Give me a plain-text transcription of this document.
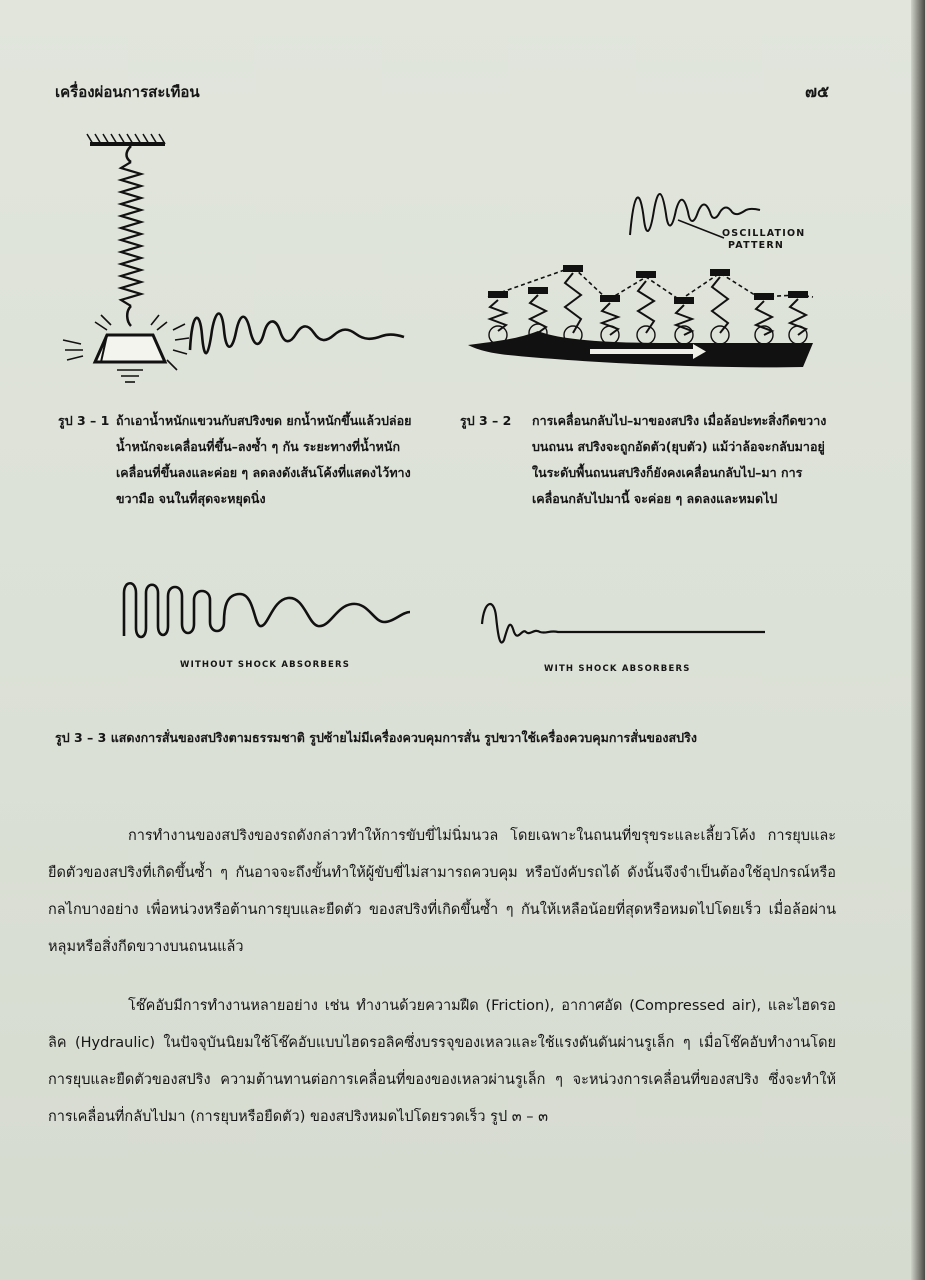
เครื่องผ่อนการสะเทือน	๗๕
รูป 3 – 1 ถ้าเอาน้ำหนักแขวนกับสปริงขด ยกน้ำหนักขึ้นแล้วปล่อย น้ำหนักจะเคลื่อนที่ขึ้น–ลงซ้ำ ๆ กัน ระยะทางที่น้ำหนักเคลื่อนที่ขึ้นลงและค่อย ๆ ลดลงดังเส้นโค้งที่แสดงไว้ทางขวามือ จนในที่สุดจะหยุดนิ่ง
OSCILLATION
PATTERN
รูป 3 – 2 การเคลื่อนกลับไป–มาของสปริง เมื่อล้อปะทะสิ่งกีดขวางบนถนน สปริงจะถูกอัดตัว(ยุบตัว) แม้ว่าล้อจะกลับมาอยู่ในระดับพื้นถนนสปริงก็ยังคงเคลื่อนกลับไป–มา การเคลื่อนกลับไปมานี้ จะค่อย ๆ ลดลงและหมดไป
WITHOUT SHOCK ABSORBERS	WITH SHOCK ABSORBERS
รูป 3 – 3 แสดงการสั่นของสปริงตามธรรมชาติ รูปซ้ายไม่มีเครื่องควบคุมการสั่น รูปขวาใช้เครื่องควบคุมการสั่นของสปริง
การทำงานของสปริงของรถดังกล่าวทำให้การขับขี่ไม่นิ่มนวล โดยเฉพาะในถนนที่ขรุขระและเลี้ยวโค้ง การยุบและยืดตัวของสปริงที่เกิดขึ้นซ้ำ ๆ กันอาจจะถึงขั้นทำให้ผู้ขับขี่ไม่สามารถควบคุม หรือบังคับรถได้ ดังนั้นจึงจำเป็นต้องใช้อุปกรณ์หรือกลไกบางอย่าง เพื่อหน่วงหรือต้านการยุบและยืดตัว ของสปริงที่เกิดขึ้นซ้ำ ๆ กันให้เหลือน้อยที่สุดหรือหมดไปโดยเร็ว เมื่อล้อผ่านหลุมหรือสิ่งกีดขวางบนถนนแล้ว
โช๊คอับมีการทำงานหลายอย่าง เช่น ทำงานด้วยความฝืด (Friction), อากาศอัด (Compressed air), และไฮดรอลิค (Hydraulic) ในปัจจุบันนิยมใช้โช๊คอับแบบไฮดรอลิคซึ่งบรรจุของเหลวและใช้แรงดันดันผ่านรูเล็ก ๆ เมื่อโช๊คอับทำงานโดยการยุบและยืดตัวของสปริง ความต้านทานต่อการเคลื่อนที่ของของเหลวผ่านรูเล็ก ๆ จะหน่วงการเคลื่อนที่ของสปริง ซึ่งจะทำให้การเคลื่อนที่กลับไปมา (การยุบหรือยืดตัว) ของสปริงหมดไปโดยรวดเร็ว รูป ๓ – ๓
